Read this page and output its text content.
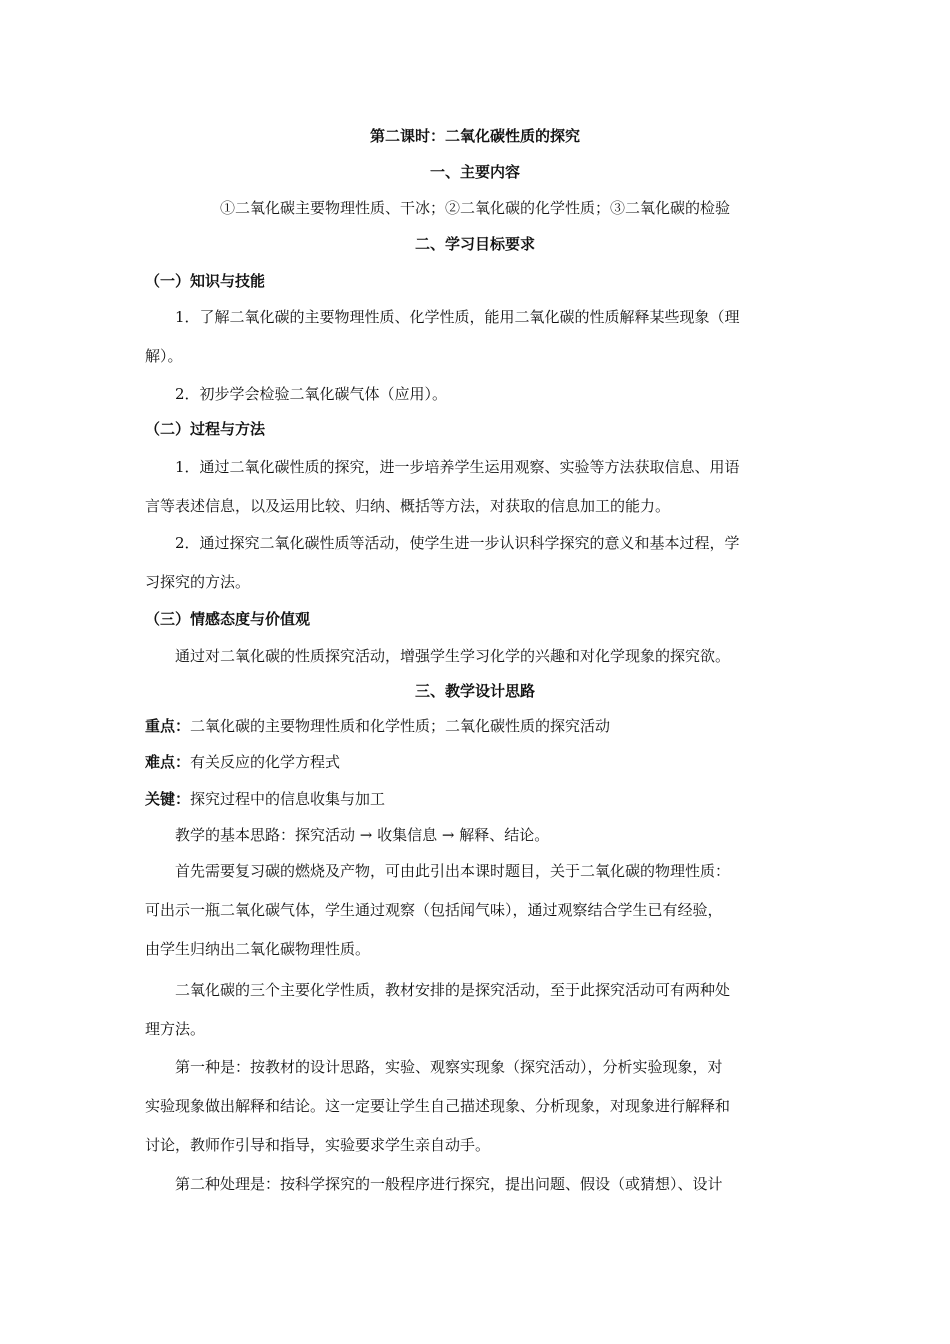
第二课时：二氧化碳性质的探究
一、主要内容
①二氧化碳主要物理性质、干冰；②二氧化碳的化学性质；③二氧化碳的检验
二、学习目标要求
（一）知识与技能
1．了解二氧化碳的主要物理性质、化学性质，能用二氧化碳的性质解释某些现象（理
解）。
2．初步学会检验二氧化碳气体（应用）。
（二）过程与方法
1．通过二氧化碳性质的探究，进一步培养学生运用观察、实验等方法获取信息、用语
言等表述信息，以及运用比较、归纳、概括等方法，对获取的信息加工的能力。
2．通过探究二氧化碳性质等活动，使学生进一步认识科学探究的意义和基本过程，学
习探究的方法。
（三）情感态度与价值观
通过对二氧化碳的性质探究活动，增强学生学习化学的兴趣和对化学现象的探究欲。
三、教学设计思路
重点：二氧化碳的主要物理性质和化学性质；二氧化碳性质的探究活动
难点：有关反应的化学方程式
关键：探究过程中的信息收集与加工
教学的基本思路：探究活动 → 收集信息 → 解释、结论。
首先需要复习碳的燃烧及产物，可由此引出本课时题目，关于二氧化碳的物理性质：
可出示一瓶二氧化碳气体，学生通过观察（包括闻气味），通过观察结合学生已有经验，
由学生归纳出二氧化碳物理性质。
二氧化碳的三个主要化学性质，教材安排的是探究活动，至于此探究活动可有两种处
理方法。
第一种是：按教材的设计思路，实验、观察实现象（探究活动），分析实验现象，对
实验现象做出解释和结论。这一定要让学生自己描述现象、分析现象，对现象进行解释和
讨论，教师作引导和指导，实验要求学生亲自动手。
第二种处理是：按科学探究的一般程序进行探究，提出问题、假设（或猜想）、设计
